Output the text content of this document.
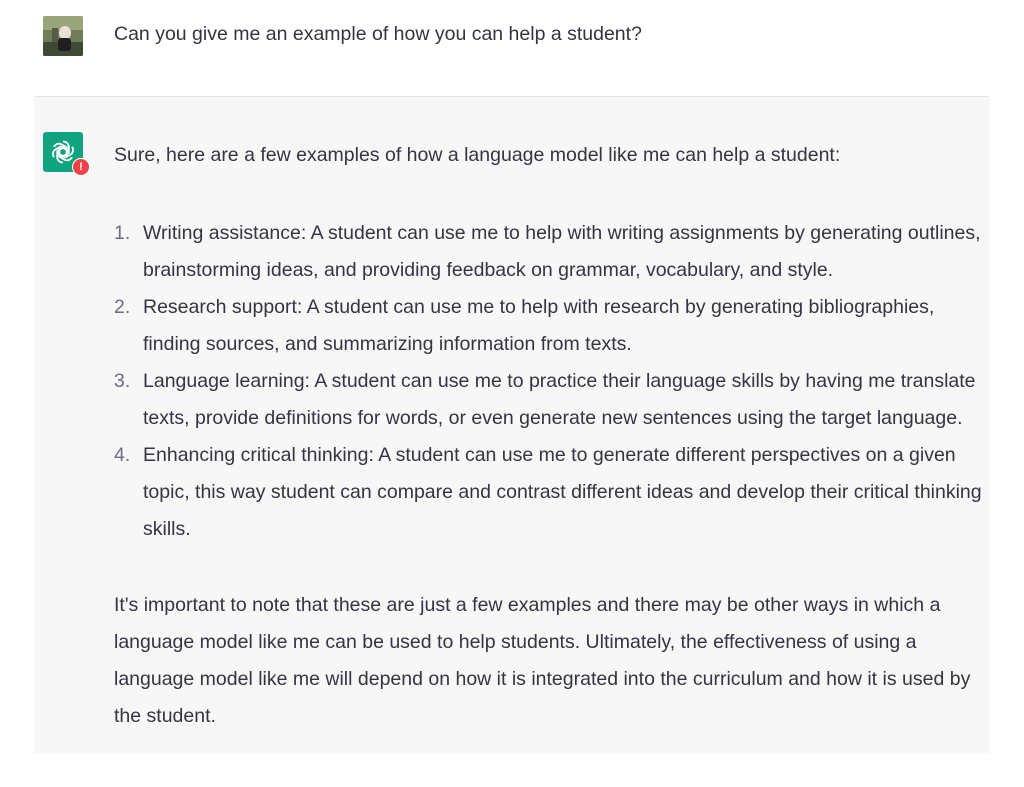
Can you give me an example of how you can help a student?
!

Sure, here are a few examples of how a language model like me can help a student:

1. Writing assistance: A student can use me to help with writing assignments by generating outlines, brainstorming ideas, and providing feedback on grammar, vocabulary, and style.
2. Research support: A student can use me to help with research by generating bibliographies, finding sources, and summarizing information from texts.
3. Language learning: A student can use me to practice their language skills by having me translate texts, provide definitions for words, or even generate new sentences using the target language.
4. Enhancing critical thinking: A student can use me to generate different perspectives on a given topic, this way student can compare and contrast different ideas and develop their critical thinking skills.

It's important to note that these are just a few examples and there may be other ways in which a language model like me can be used to help students. Ultimately, the effectiveness of using a language model like me will depend on how it is integrated into the curriculum and how it is used by the student.
